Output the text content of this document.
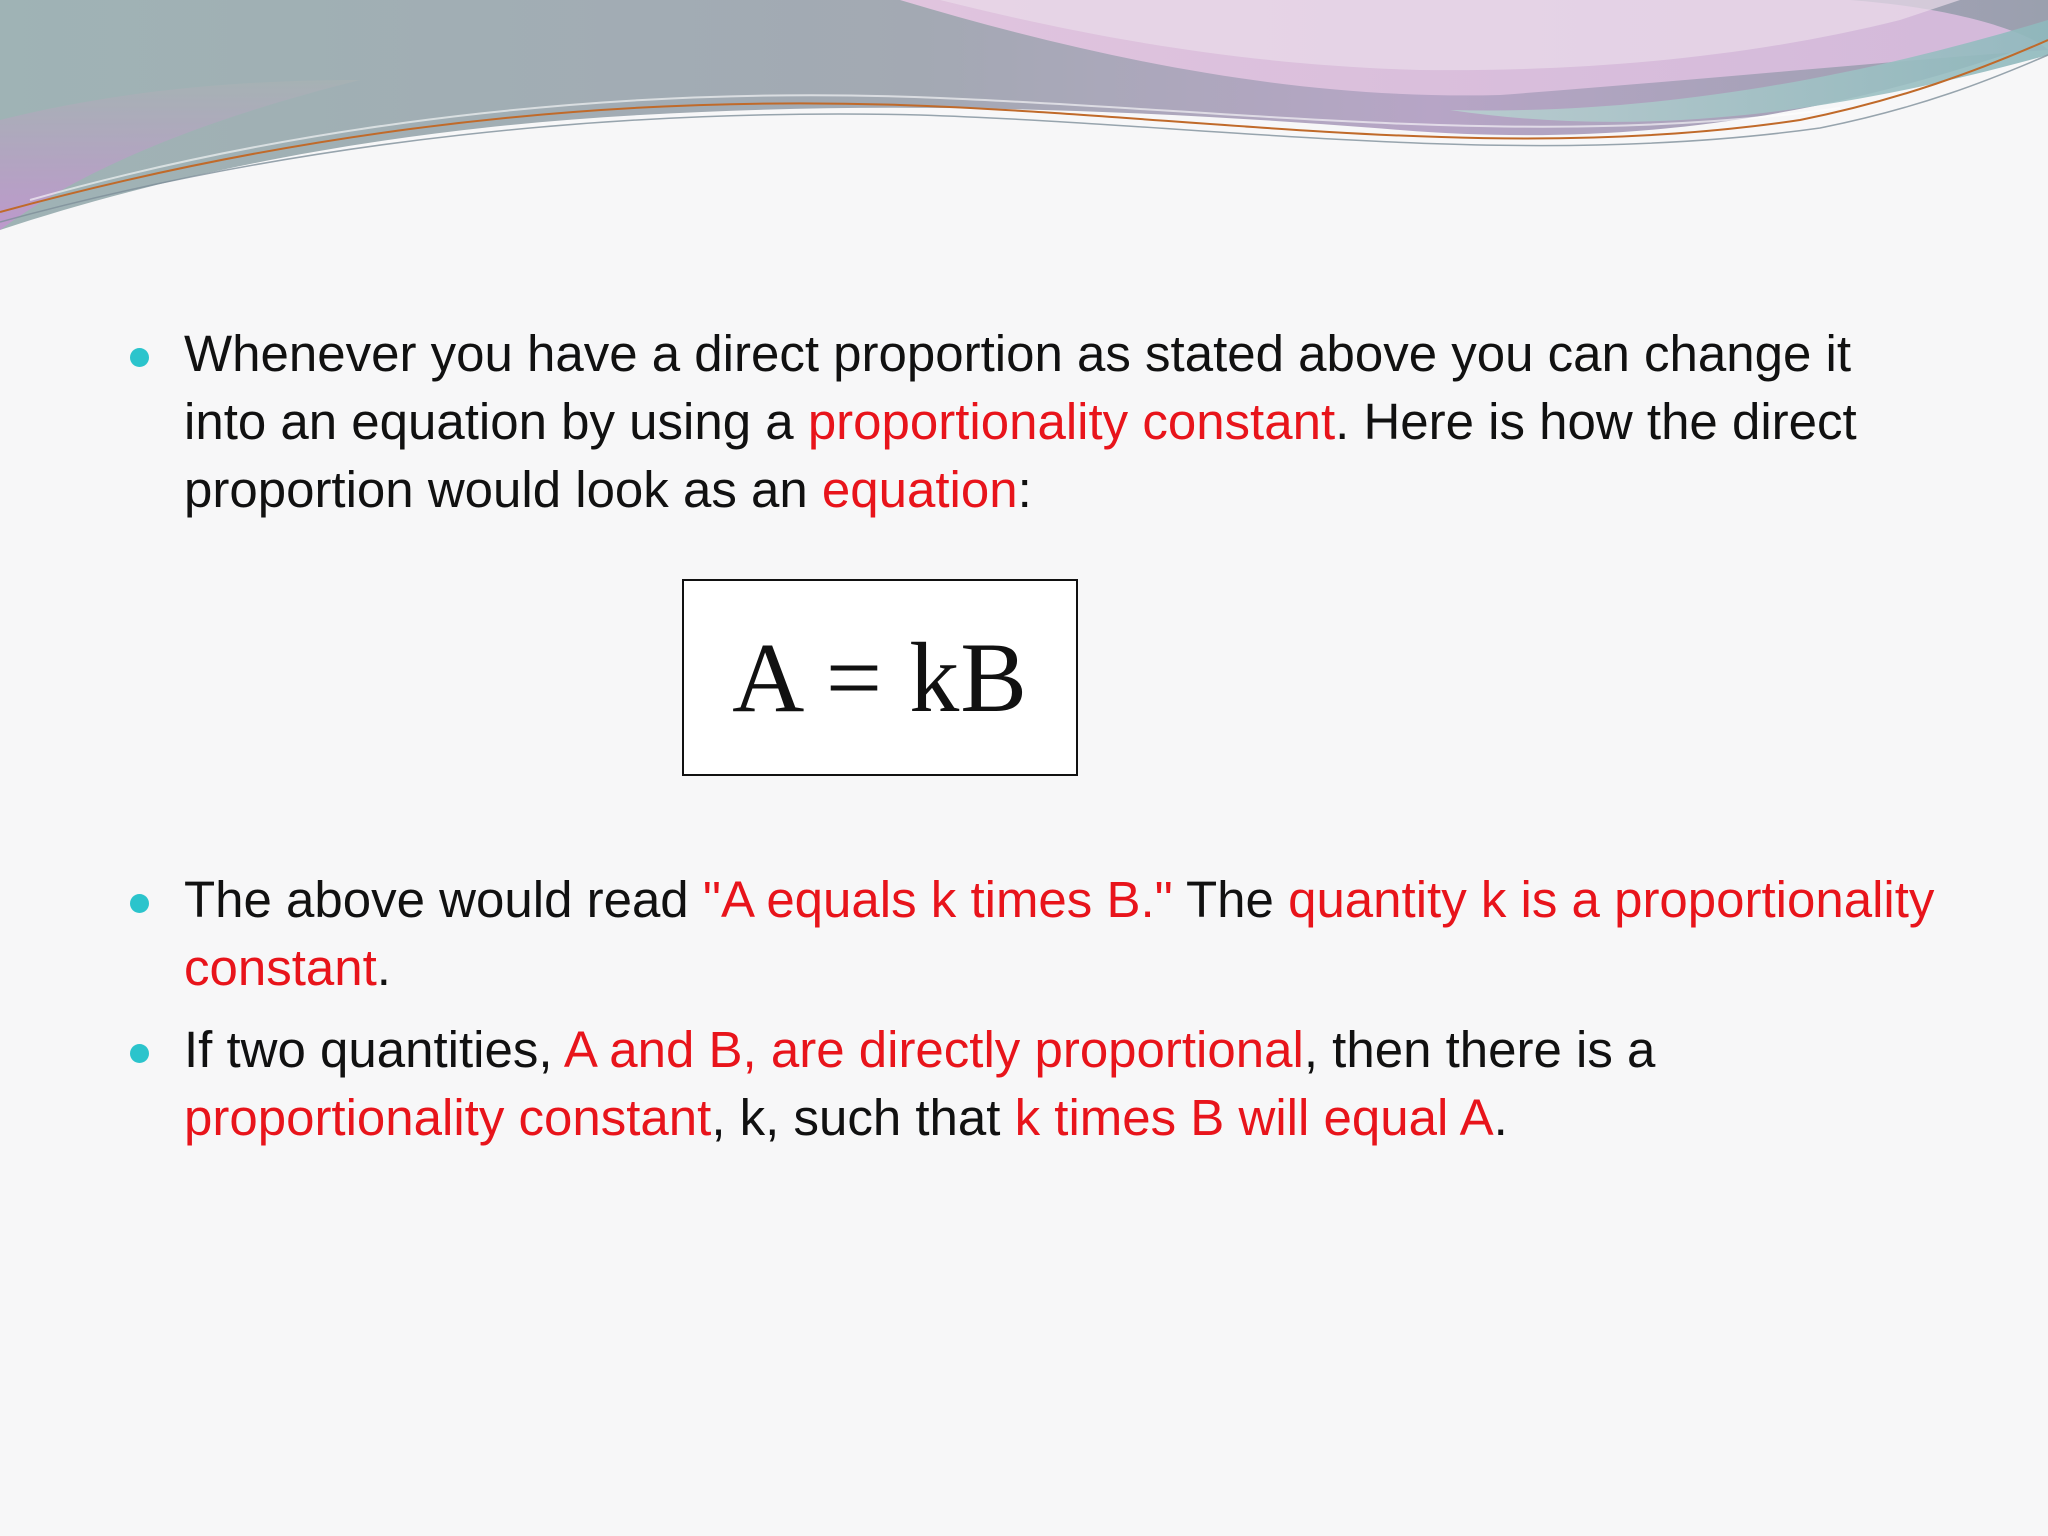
Whenever you have a direct proportion as stated above you can change it into an equation by using a proportionality constant. Here is how the direct proportion would look as an equation:
A = kB
The above would read "A equals k times B." The quantity k is a proportionality constant.
If two quantities, A and B, are directly proportional, then there is a proportionality constant, k, such that k times B will equal A.
